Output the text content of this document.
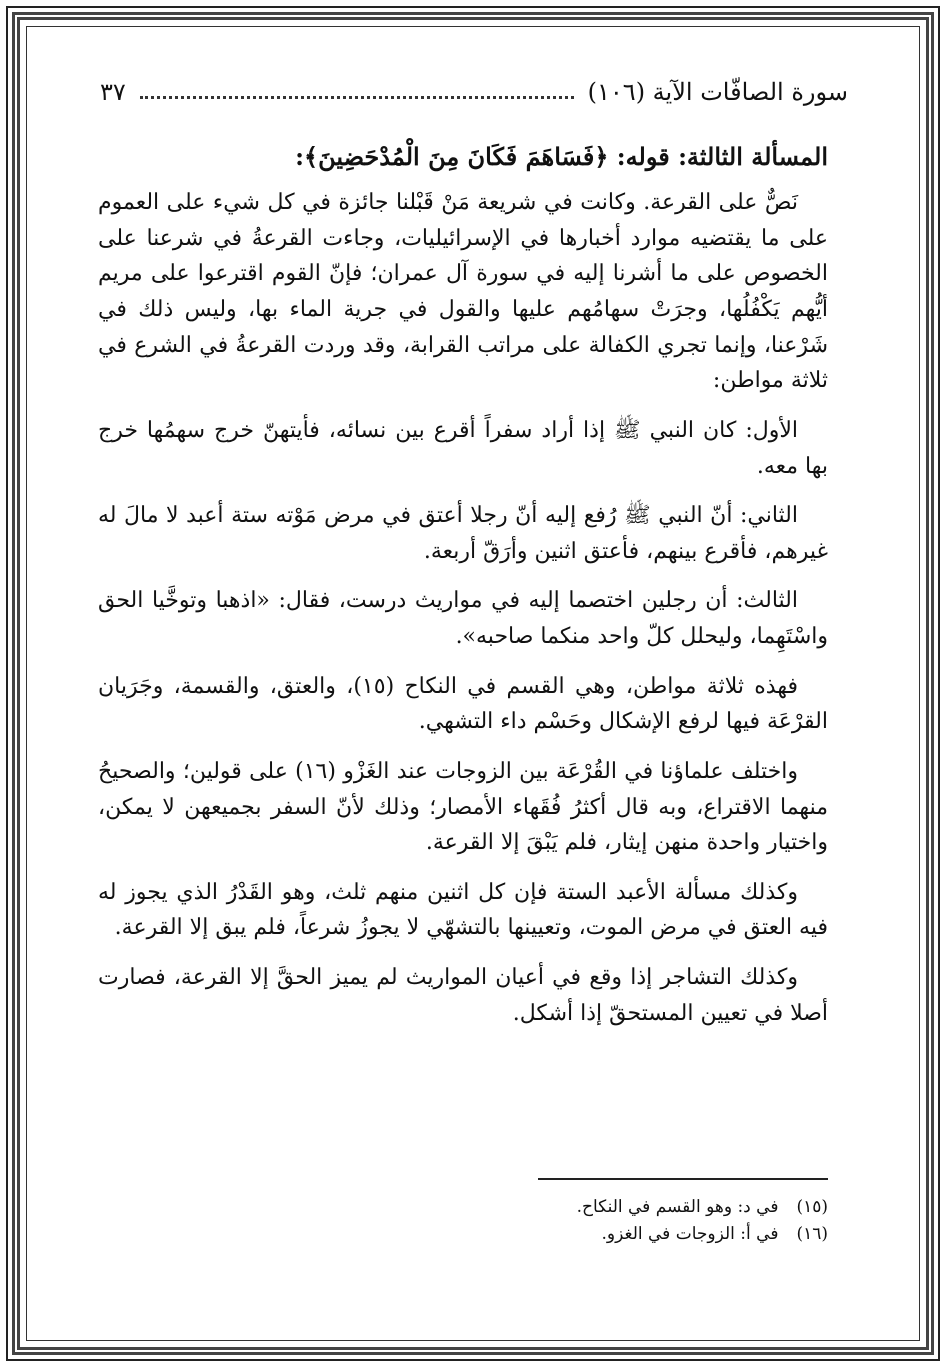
سورة الصافّات الآية (١٠٦)
٣٧
المسألة الثالثة: قوله: ﴿فَسَاهَمَ فَكَانَ مِنَ الْمُدْحَضِينَ﴾:

نَصٌّ على القرعة. وكانت في شريعة مَنْ قَبْلنا جائزة في كل شيء على العموم على ما يقتضيه موارد أخبارها في الإسرائيليات، وجاءت القرعةُ في شرعنا على الخصوص على ما أشرنا إليه في سورة آل عمران؛ فإنّ القوم اقترعوا على مريم أيُّهم يَكْفُلُها، وجرَتْ سهامُهم عليها والقول في جرية الماء بها، وليس ذلك في شَرْعنا، وإنما تجري الكفالة على مراتب القرابة، وقد وردت القرعةُ في الشرع في ثلاثة مواطن:

الأول: كان النبي ﷺ إذا أراد سفراً أقرع بين نسائه، فأيتهنّ خرج سهمُها خرج بها معه.

الثاني: أنّ النبي ﷺ رُفع إليه أنّ رجلا أعتق في مرض مَوْته ستة أعبد لا مالَ له غيرهم، فأقرع بينهم، فأعتق اثنين وأرَقّ أربعة.

الثالث: أن رجلين اختصما إليه في مواريث درست، فقال: «اذهبا وتوخَّيا الحق واسْتَهِما، وليحلل كلّ واحد منكما صاحبه».

فهذه ثلاثة مواطن، وهي القسم في النكاح (١٥)، والعتق، والقسمة، وجَرَيان القرْعَة فيها لرفع الإشكال وحَسْم داء التشهي.

واختلف علماؤنا في القُرْعَة بين الزوجات عند الغَزْو (١٦) على قولين؛ والصحيحُ منهما الاقتراع، وبه قال أكثرُ فُقَهاء الأمصار؛ وذلك لأنّ السفر بجميعهن لا يمكن، واختيار واحدة منهن إيثار، فلم يَبْقَ إلا القرعة.

وكذلك مسألة الأعبد الستة فإن كل اثنين منهم ثلث، وهو القَدْرُ الذي يجوز له فيه العتق في مرض الموت، وتعيينها بالتشهّي لا يجوزُ شرعاً، فلم يبق إلا القرعة.

وكذلك التشاجر إذا وقع في أعيان المواريث لم يميز الحقَّ إلا القرعة، فصارت أصلا في تعيين المستحقّ إذا أشكل.

(١٥)
في د: وهو القسم في النكاح.
(١٦)
في أ: الزوجات في الغزو.
